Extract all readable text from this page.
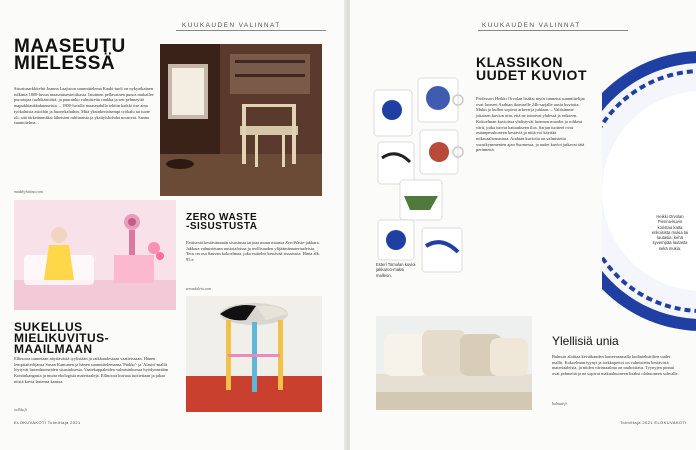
KUUKAUDEN VALINNAT
MAASEUTU
MIELESSÄ

Sisustusarkkitehti Joanna Laajiston suunnittelema Kaaki-tuoli on nykyaikainen tulkinta 1800-luvun maaseutuestetiikasta. Istuimen pellavainen punos mukailee puoutojaa tuohikäsitöitä, ja puurunko valmistettu rankka ja sen pehmeyttä mapukkiaukkakunneista. – 1800-luvulla maaseudulla tehtiin kaikki itse aina työkaluista asioihin ja huonekaluihin. Mitä yksinkertaisempi työkalu tai tuote oli, sitä tärkeämmäksi läheisten ruhtinaista ja yksityiskohdat nousivat. Sanna suunnitelma...

moddeyhtiöno.com
ZERO WASTE
-SISUSTUSTA

Eettisestä kestävämmän sisustusta tarjoaa muun muassa ZeroWaste-jakkara. Jakkara valmistetaan uusiotaloissa ja teollisuuden ylijäämämateriaaleista. Teos on osa Sauvan kokoelmaa, joka esittelee kestävää sisustusta. Hinta alk. 95 e.

zeroadaletu.com
SUKELLUS
MIELIKUVITUS-
MAAILMAAN

Ellinoora tunnetaan näyttävästä tyylistään ja raikkaudestaan vaatteissaan. Hänen lempitaiteilijansa Susan Kamunen ja hänen suunnittelemansa 'Pinkki'- ja 'Alasin'-mallit löytyvät lastenhuoneiden sisustuksesta. Vaatekappaleiden valmistuksessa hyödynnetään Kontinkangasta ja muita ekologisia materiaaleja. Ellinoora kuvaaa tuotteitaan ja jakaa niistä kuvia lastensa kanssa.

vallila.fi
ELOKUVAKOTI Toimittaja 2021
KUUKAUDEN VALINNAT
Esteri Tomulan kuvioi jakkaroo-maksi malleon.
Heikki Orvolan Pienna-kuvio koristaa katta erikoisista mukia tai lautasia. kehä syvempää lautasta sekä mukia.
KLASSIKON
UUDET KUVIOT

Professori Heikki Orvolan lisäksi myös tunnetut suunnittelijat ovat luoneet Arabian ikoniselle 24h-sarjalle uusia kuvioita. Mukit ja kulhot sopivat arkeen ja juhlaan. – Valitsimme jokaisen kuvion niin, että ne toimivat yhdessä ja erikseen. Kokoelman kuvioissa yhdistyvät luonnon muodot ja rohkeat värit, jotka tuovat kattaukseen iloa. Sarjan tuotteet ovat astianpesukoneen kestäviä ja niitä voi käyttää mikroaaltouunissa. Arabian kuvioita on valmistettu vuosikymmenten ajan Suomessa, ja uudet kuviot jatkavat tätä perinnettä.

Ylellisiä unia

Balmuir aloittaa kevätkauden lanseeraamalla kodintekstiilien uudet mallit. Kokoelman tyynyt ja torkkupeitot on valmistettu kestävistä materiaaleista, ja niiden värimaailma on rauhoittava. Tyynyjen pinnat ovat pehmeitä ja ne sopivat makuuhuoneen lisäksi olohuoneen sohvalle.

balmuir.fi
Toimittaja 2021 ELOKUVAKOTI
